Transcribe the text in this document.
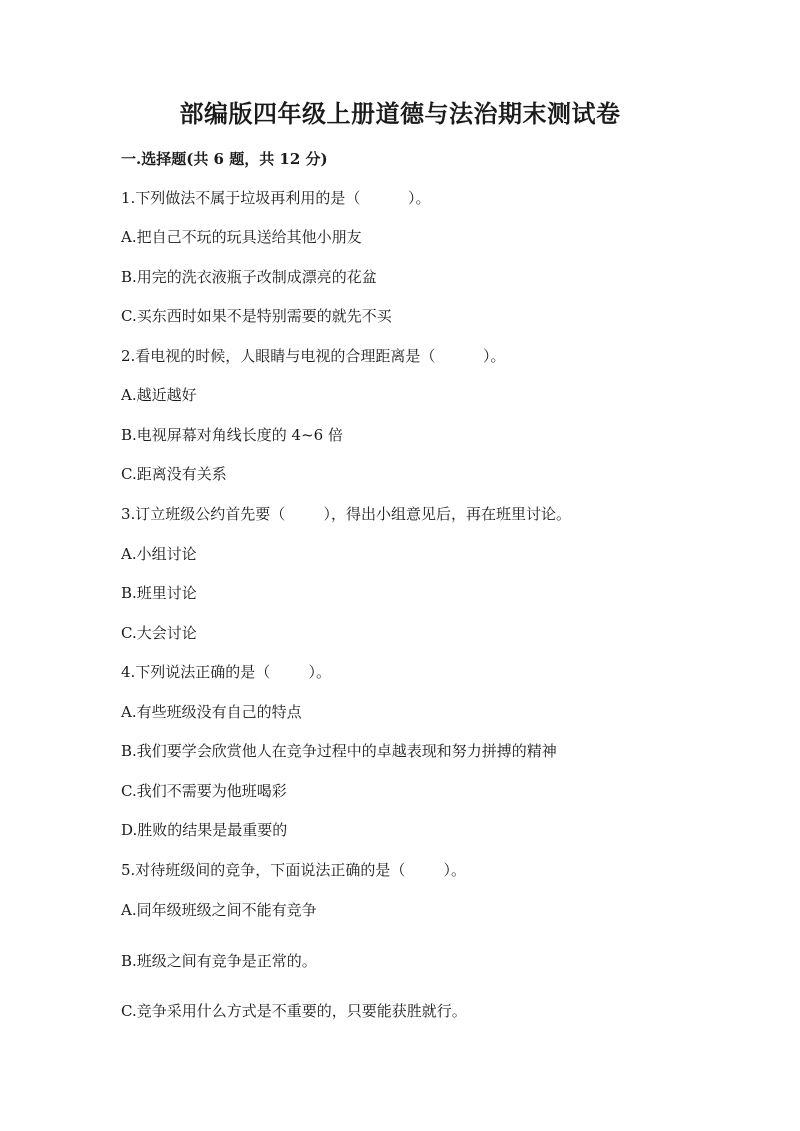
部编版四年级上册道德与法治期末测试卷
一.选择题(共 6 题，共 12 分)
1.下列做法不属于垃圾再利用的是（          ）。
A.把自己不玩的玩具送给其他小朋友
B.用完的洗衣液瓶子改制成漂亮的花盆
C.买东西时如果不是特别需要的就先不买
2.看电视的时候，人眼睛与电视的合理距离是（          ）。
A.越近越好
B.电视屏幕对角线长度的 4~6 倍
C.距离没有关系
3.订立班级公约首先要（        ），得出小组意见后，再在班里讨论。
A.小组讨论
B.班里讨论
C.大会讨论
4.下列说法正确的是（        ）。
A.有些班级没有自己的特点
B.我们要学会欣赏他人在竞争过程中的卓越表现和努力拼搏的精神
C.我们不需要为他班喝彩
D.胜败的结果是最重要的
5.对待班级间的竞争，下面说法正确的是（        ）。
A.同年级班级之间不能有竞争
B.班级之间有竞争是正常的。
C.竞争采用什么方式是不重要的，只要能获胜就行。
